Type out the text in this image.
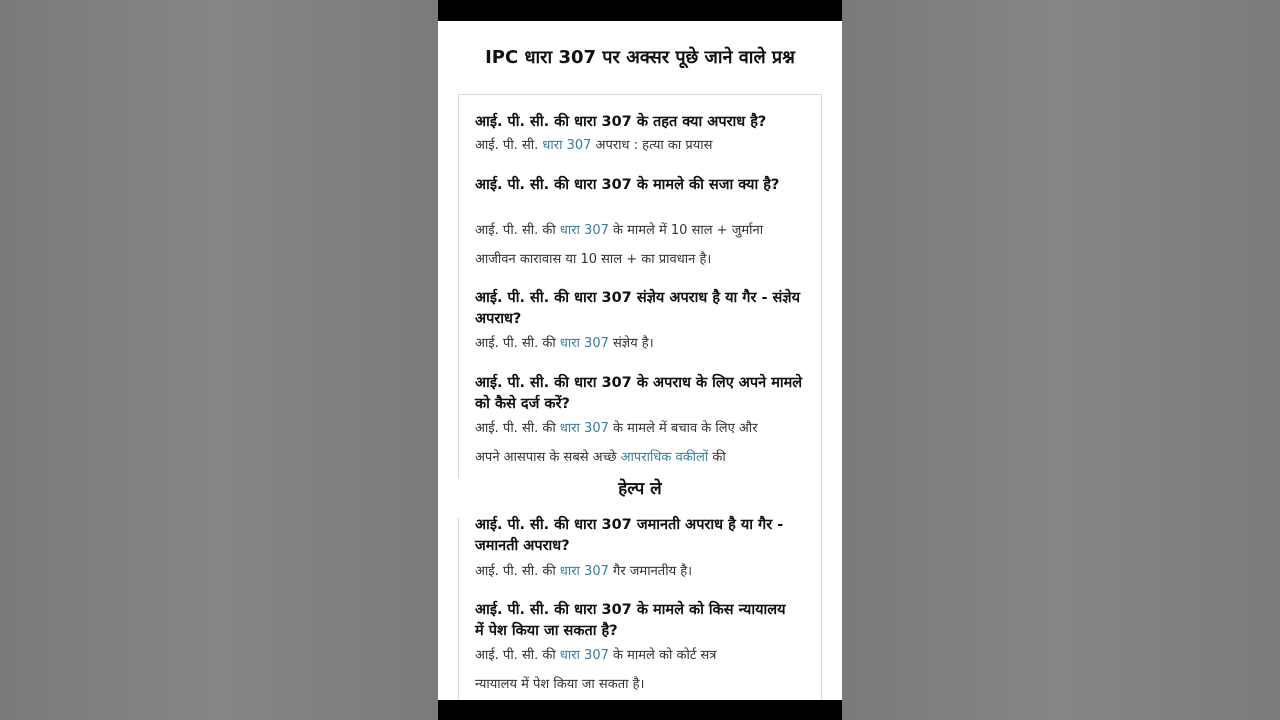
IPC धारा 307 पर अक्सर पूछे जाने वाले प्रश्न
आई. पी. सी. की धारा 307 के तहत क्या अपराध है?
आई. पी. सी. धारा 307 अपराध : हत्या का प्रयास
आई. पी. सी. की धारा 307 के मामले की सजा क्या है?
आई. पी. सी. की धारा 307 के मामले में 10 साल + जुर्माना
आजीवन कारावास या 10 साल + का प्रावधान है।
आई. पी. सी. की धारा 307 संज्ञेय अपराध है या गैर - संज्ञेय अपराध?
आई. पी. सी. की धारा 307 संज्ञेय है।
आई. पी. सी. की धारा 307 के अपराध के लिए अपने मामले को कैसे दर्ज करें?
आई. पी. सी. की धारा 307 के मामले में बचाव के लिए और
अपने आसपास के सबसे अच्छे आपराधिक वकीलों की
हेल्प ले
आई. पी. सी. की धारा 307 जमानती अपराध है या गैर - जमानती अपराध?
आई. पी. सी. की धारा 307 गैर जमानतीय है।
आई. पी. सी. की धारा 307 के मामले को किस न्यायालय में पेश किया जा सकता है?
आई. पी. सी. की धारा 307 के मामले को कोर्ट सत्र
न्यायालय में पेश किया जा सकता है।
